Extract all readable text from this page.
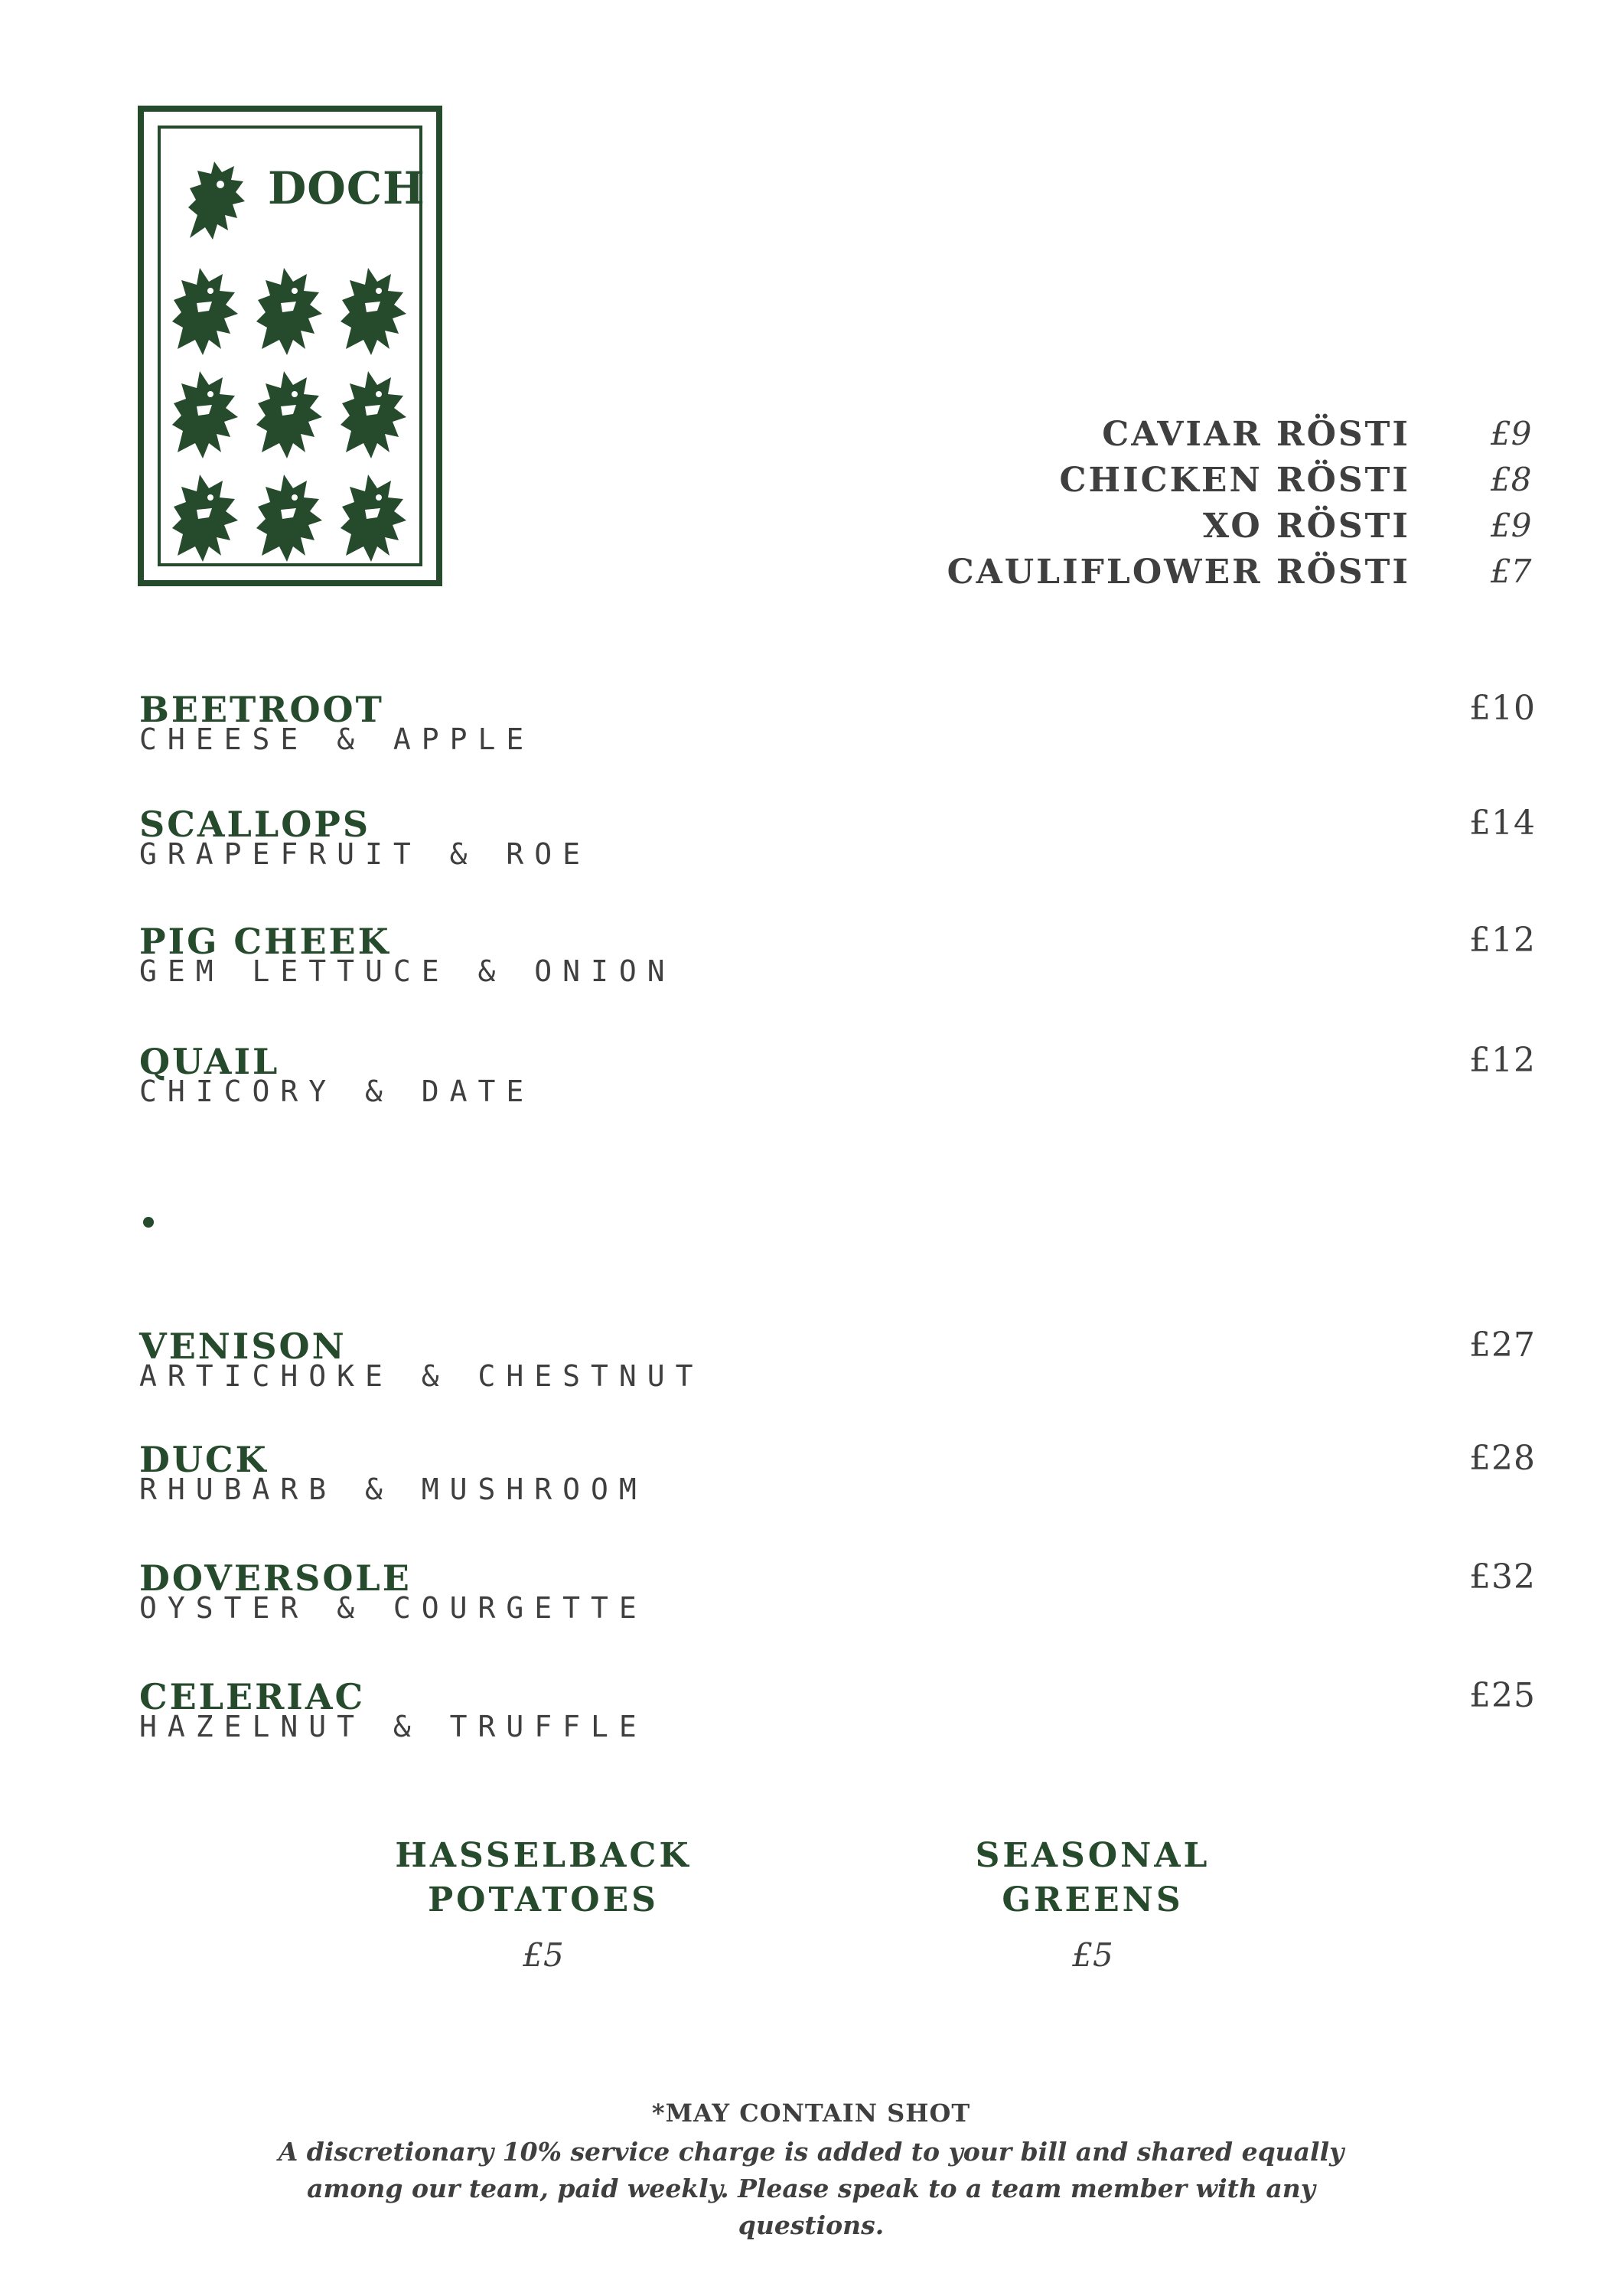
DOCH
CAVIAR RÖSTI	£9
CHICKEN RÖSTI	£8
XO RÖSTI	£9
CAULIFLOWER RÖSTI	£7
BEETROOT
CHEESE & APPLE
£10
SCALLOPS
GRAPEFRUIT & ROE
£14
PIG CHEEK
GEM LETTUCE & ONION
£12
QUAIL
CHICORY & DATE
£12
VENISON
ARTICHOKE & CHESTNUT
£27
DUCK
RHUBARB & MUSHROOM
£28
DOVERSOLE
OYSTER & COURGETTE
£32
CELERIAC
HAZELNUT & TRUFFLE
£25
HASSELBACK
POTATOES
£5
SEASONAL
GREENS
£5
*MAY CONTAIN SHOT
A discretionary 10% service charge is added to your bill and shared equally among our team, paid weekly. Please speak to a team member with any questions.
